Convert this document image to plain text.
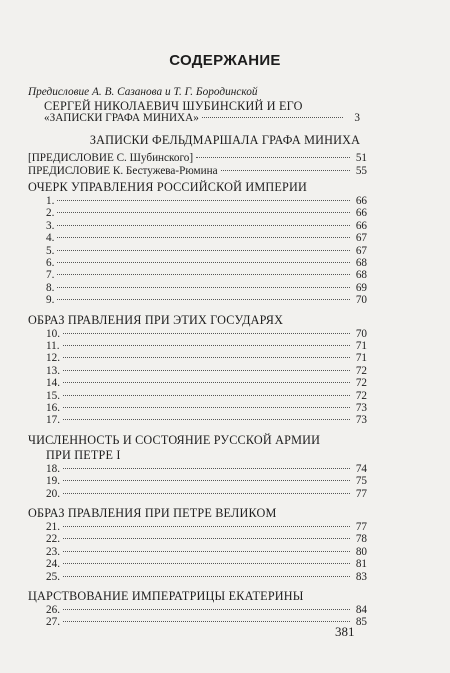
СОДЕРЖАНИЕ
Предисловие А. В. Сазанова и Т. Г. Бородинской
СЕРГЕЙ НИКОЛАЕВИЧ ШУБИНСКИЙ И ЕГО
«ЗАПИСКИ ГРАФА МИНИХА»	3
ЗАПИСКИ ФЕЛЬДМАРШАЛА ГРАФА МИНИХА
[ПРЕДИСЛОВИЕ С. Шубинского]	51
ПРЕДИСЛОВИЕ К. Бестужева-Рюмина	55
ОЧЕРК УПРАВЛЕНИЯ РОССИЙСКОЙ ИМПЕРИИ
1.	66
2.	66
3.	66
4.	67
5.	67
6.	68
7.	68
8.	69
9.	70
ОБРАЗ ПРАВЛЕНИЯ ПРИ ЭТИХ ГОСУДАРЯХ
10.	70
11.	71
12.	71
13.	72
14.	72
15.	72
16.	73
17.	73
ЧИСЛЕННОСТЬ И СОСТОЯНИЕ РУССКОЙ АРМИИ
ПРИ ПЕТРЕ I
18.	74
19.	75
20.	77
ОБРАЗ ПРАВЛЕНИЯ ПРИ ПЕТРЕ ВЕЛИКОМ
21.	77
22.	78
23.	80
24.	81
25.	83
ЦАРСТВОВАНИЕ ИМПЕРАТРИЦЫ ЕКАТЕРИНЫ
26.	84
27.	85
381
